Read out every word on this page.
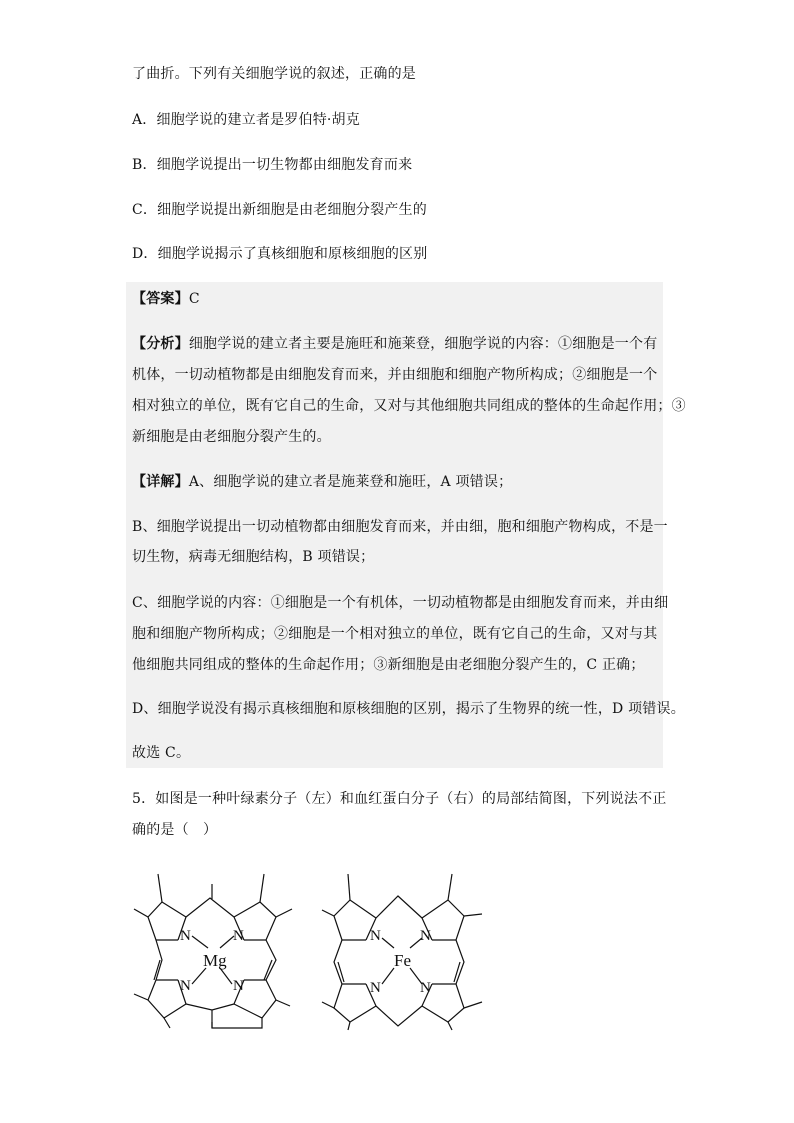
了曲折。下列有关细胞学说的叙述，正确的是
A．细胞学说的建立者是罗伯特·胡克
B．细胞学说提出一切生物都由细胞发育而来
C．细胞学说提出新细胞是由老细胞分裂产生的
D．细胞学说揭示了真核细胞和原核细胞的区别
【答案】C
【分析】细胞学说的建立者主要是施旺和施莱登，细胞学说的内容：①细胞是一个有
机体，一切动植物都是由细胞发育而来，并由细胞和细胞产物所构成；②细胞是一个
相对独立的单位，既有它自己的生命，又对与其他细胞共同组成的整体的生命起作用；③
新细胞是由老细胞分裂产生的。
【详解】A、细胞学说的建立者是施莱登和施旺，A 项错误；
B、细胞学说提出一切动植物都由细胞发育而来，并由细，胞和细胞产物构成，不是一
切生物，病毒无细胞结构，B 项错误；
C、细胞学说的内容：①细胞是一个有机体，一切动植物都是由细胞发育而来，并由细
胞和细胞产物所构成；②细胞是一个相对独立的单位，既有它自己的生命，又对与其
他细胞共同组成的整体的生命起作用；③新细胞是由老细胞分裂产生的，C 正确；
D、细胞学说没有揭示真核细胞和原核细胞的区别，揭示了生物界的统一性，D 项错误。
故选 C。
5．如图是一种叶绿素分子（左）和血红蛋白分子（右）的局部结简图，下列说法不正
确的是（　）
N	N
N	N
Mg
N	N
N	N
Fe
